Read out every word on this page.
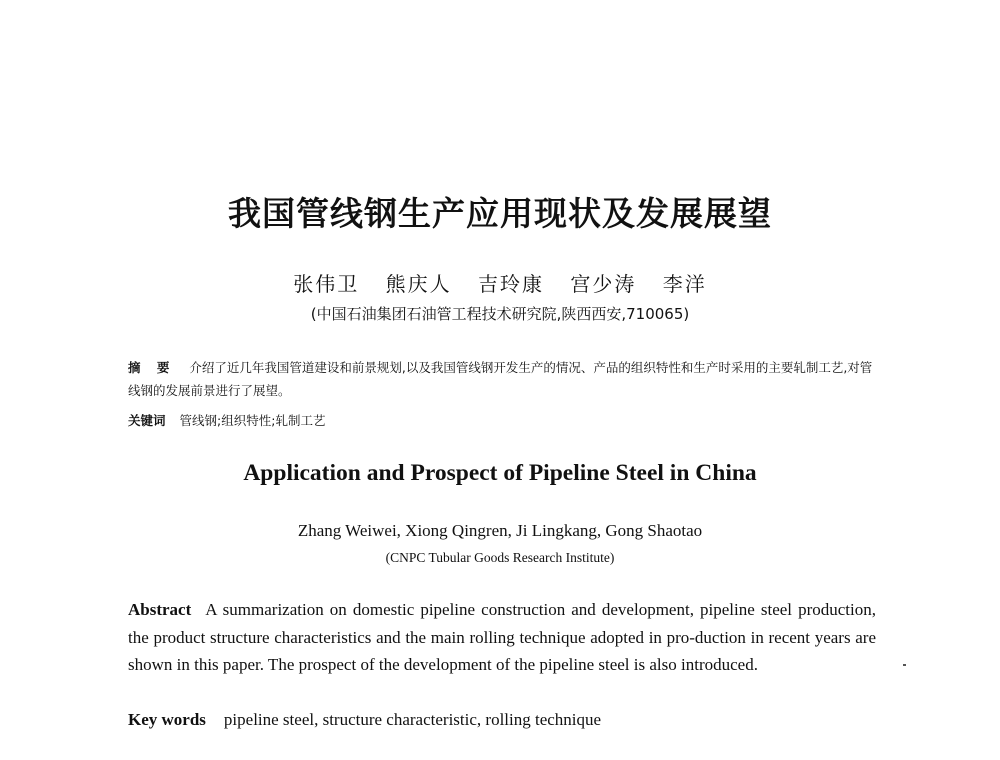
我国管线钢生产应用现状及发展展望
张伟卫 熊庆人 吉玲康 宫少涛 李洋
(中国石油集团石油管工程技术研究院,陕西西安,710065)
摘 要 介绍了近几年我国管道建设和前景规划,以及我国管线钢开发生产的情况、产品的组织特性和生产时采用的主要轧制工艺,对管线钢的发展前景进行了展望。
关键词 管线钢;组织特性;轧制工艺
Application and Prospect of Pipeline Steel in China
Zhang Weiwei, Xiong Qingren, Ji Lingkang, Gong Shaotao
(CNPC Tubular Goods Research Institute)
Abstract A summarization on domestic pipeline construction and development, pipeline steel production, the product structure characteristics and the main rolling technique adopted in pro-duction in recent years are shown in this paper. The prospect of the development of the pipeline steel is also introduced.
Key words pipeline steel, structure characteristic, rolling technique
